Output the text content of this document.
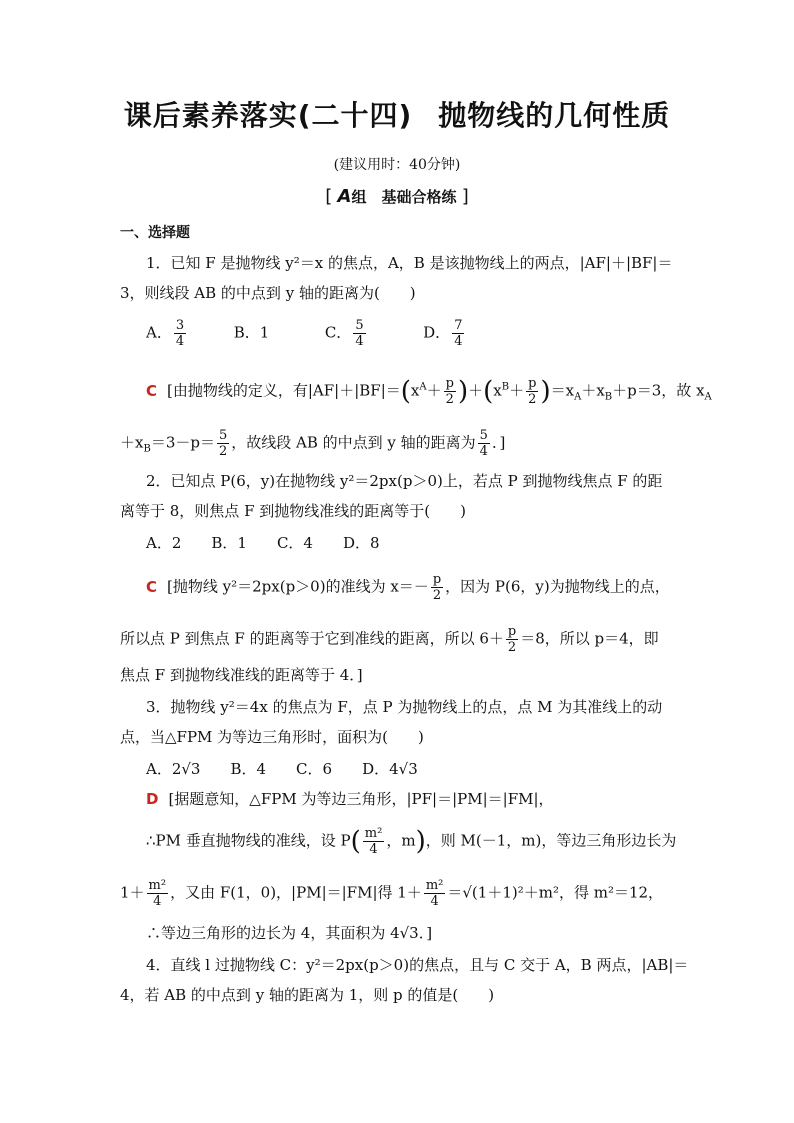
课后素养落实(二十四) 抛物线的几何性质
(建议用时：40分钟)
[ A组　基础合格练 ]
一、选择题
1．已知 F 是抛物线 y²＝x 的焦点，A，B 是该抛物线上的两点，|AF|＋|BF|＝
3，则线段 AB 的中点到 y 轴的距离为(　　)
A． $\frac{3}{4}$	B．1	C． $\frac{5}{4}$	D． $\frac{7}{4}$
C [由抛物线的定义，有$|AF|+|BF|=(x^A+ \frac{p}{2} )+(x^B+ \frac{p}{2} )=x_A+x_B+p=3$，故 $x_A$
$+x_B=3-p= \frac{5}{2}$ ，故线段 AB 的中点到 y 轴的距离为 $\frac{5}{4}$ ．]
2．已知点 P(6，y)在抛物线 y²＝2px(p＞0)上，若点 P 到抛物线焦点 F 的距
离等于 8，则焦点 F 到抛物线准线的距离等于(　　)
A．2　　B．1　　C．4　　D．8
C [抛物线 y²＝2px(p＞0)的准线为 $x=- \frac{p}{2}$ ，因为 P(6，y)为抛物线上的点，
所以点 P 到焦点 F 的距离等于它到准线的距离，所以 $6+ \frac{p}{2} =8$，所以 p＝4，即
焦点 F 到抛物线准线的距离等于 4．]
3．抛物线 y²＝4x 的焦点为 F，点 P 为抛物线上的点，点 M 为其准线上的动
点，当△FPM 为等边三角形时，面积为(　　)
A．2√3　　B．4　　C．6　　D．4√3
D [据题意知，△FPM 为等边三角形，|PF|＝|PM|＝|FM|，
∴PM 垂直抛物线的准线，设 $P( \frac{\text{m²}}{4}$ ，m)，则 M(－1，m)，等边三角形边长为
$1+ \frac{\text{m²}}{4}$ ，又由 F(1，0)，|PM|＝|FM|得 $1+ \frac{\text{m²}}{4} =√(1+1)^2+m^2$，得 m²＝12，
∴等边三角形的边长为 4，其面积为 4√3．]
4．直线 l 过抛物线 C：y²＝2px(p＞0)的焦点，且与 C 交于 A，B 两点，|AB|＝
4，若 AB 的中点到 y 轴的距离为 1，则 p 的值是(　　)
